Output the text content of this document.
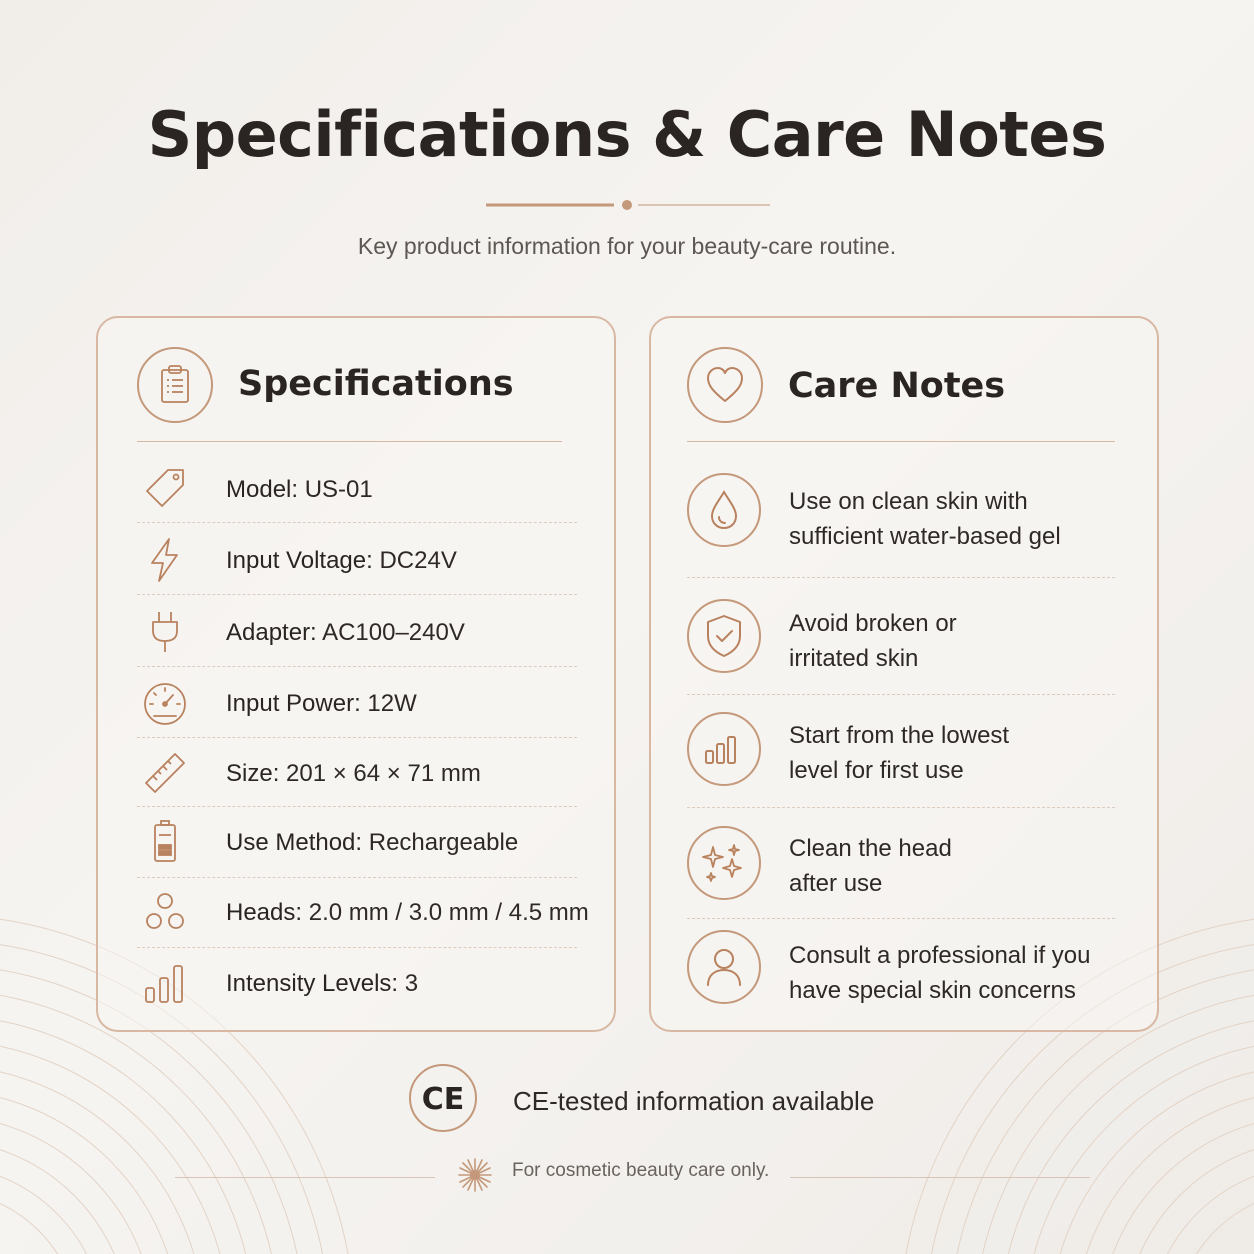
Specifications & Care Notes
Key product information for your beauty-care routine.
Specifications
Model: US-01
Input Voltage: DC24V
Adapter: AC100–240V
Input Power: 12W
Size: 201 × 64 × 71 mm
Use Method: Rechargeable
Heads: 2.0 mm / 3.0 mm / 4.5 mm
Intensity Levels: 3
Care Notes
Use on clean skin with
sufficient water-based gel
Avoid broken or
irritated skin
Start from the lowest
level for first use
Clean the head
after use
Consult a professional if you
have special skin concerns
CE CE-tested information available
For cosmetic beauty care only.
